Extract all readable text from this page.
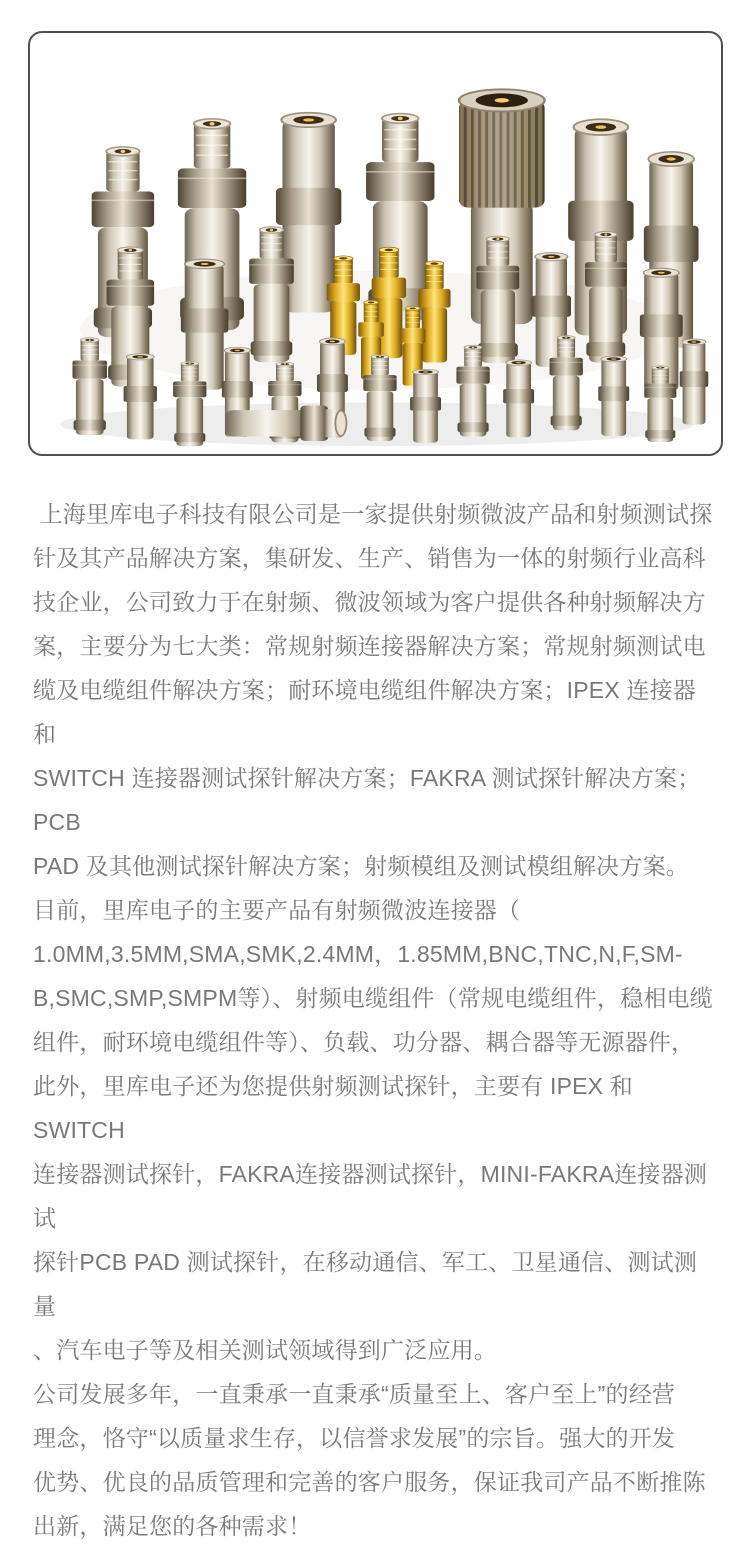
上海里库电子科技有限公司是一家提供射频微波产品和射频测试探

针及其产品解决方案，集研发、生产、销售为一体的射频行业高科

技企业，公司致力于在射频、微波领域为客户提供各种射频解决方

案，主要分为七大类：常规射频连接器解决方案；常规射频测试电

缆及电缆组件解决方案；耐环境电缆组件解决方案；IPEX 连接器和

SWITCH 连接器测试探针解决方案；FAKRA 测试探针解决方案；PCB

PAD 及其他测试探针解决方案；射频模组及测试模组解决方案。

目前，里库电子的主要产品有射频微波连接器（

1.0MM,3.5MM,SMA,SMK,2.4MM，1.85MM,BNC,TNC,N,F,SM-

B,SMC,SMP,SMPM等）、射频电缆组件（常规电缆组件，稳相电缆

组件，耐环境电缆组件等）、负载、功分器、耦合器等无源器件，

此外，里库电子还为您提供射频测试探针，主要有 IPEX 和 SWITCH

连接器测试探针，FAKRA连接器测试探针，MINI-FAKRA连接器测试

探针PCB PAD 测试探针，在移动通信、军工、卫星通信、测试测量

、汽车电子等及相关测试领域得到广泛应用。

公司发展多年，一直秉承一直秉承“质量至上、客户至上”的经营

理念，恪守“以质量求生存，以信誉求发展”的宗旨。强大的开发

优势、优良的品质管理和完善的客户服务，保证我司产品不断推陈

出新，满足您的各种需求！
